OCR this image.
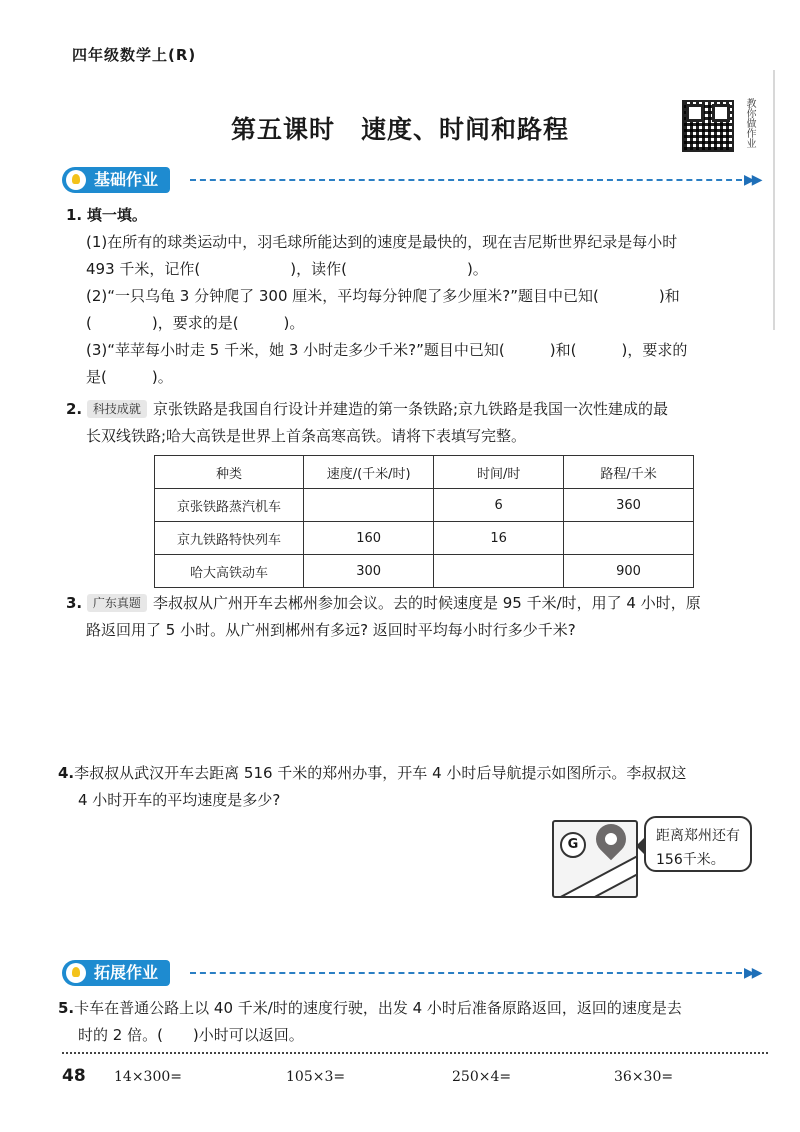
四年级数学上(R)
第五课时　速度、时间和路程	教你做作业
基础作业	▶▶
1. 填一填。
(1)在所有的球类运动中，羽毛球所能达到的速度是最快的，现在吉尼斯世界纪录是每小时
493 千米，记作(　　　　　　)，读作(　　　　　　　　)。
(2)“一只乌龟 3 分钟爬了 300 厘米，平均每分钟爬了多少厘米?”题目中已知(　　　　)和
(　　　　)，要求的是(　　　)。
(3)“苹苹每小时走 5 千米，她 3 小时走多少千米?”题目中已知(　　　)和(　　　)，要求的
是(　　　)。
2. 科技成就 京张铁路是我国自行设计并建造的第一条铁路;京九铁路是我国一次性建成的最
长双线铁路;哈大高铁是世界上首条高寒高铁。请将下表填写完整。
种类	速度/(千米/时)	时间/时	路程/千米
京张铁路蒸汽机车		6	360
京九铁路特快列车	160	16	
哈大高铁动车	300		900
3. 广东真题 李叔叔从广州开车去郴州参加会议。去的时候速度是 95 千米/时，用了 4 小时，原
路返回用了 5 小时。从广州到郴州有多远? 返回时平均每小时行多少千米?
4.李叔叔从武汉开车去距离 516 千米的郑州办事，开车 4 小时后导航提示如图所示。李叔叔这
4 小时开车的平均速度是多少?
G
距离郑州还有
156千米。
拓展作业	▶▶
5.卡车在普通公路上以 40 千米/时的速度行驶，出发 4 小时后准备原路返回，返回的速度是去
时的 2 倍。(　　)小时可以返回。
48 14×300=	105×3=	250×4=	36×30=
